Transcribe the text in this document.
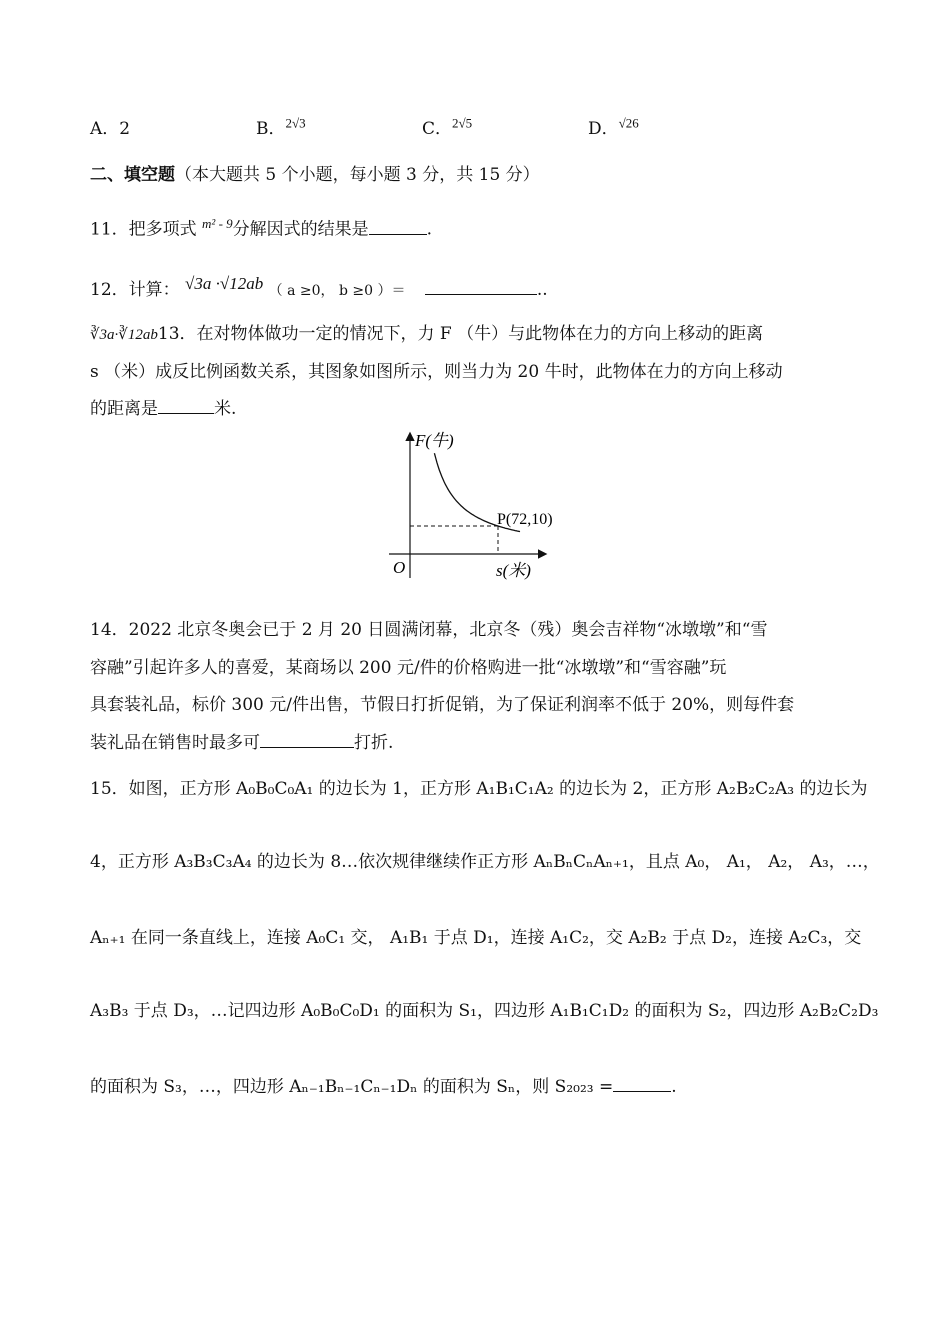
A．2	B．$^{2√3}$	C．$^{2√5}$	D．$^{√26}$
二、填空题（本大题共 5 个小题，每小题 3 分，共 15 分）
11．把多项式 $^{m^2 - 9}$分解因式的结果是	.
12．计算： √3a ·√12ab （ a ≥0， b ≥0 ）＝	..
∛3a·∛12ab13．在对物体做功一定的情况下，力 F （牛）与此物体在力的方向上移动的距离
s （米）成反比例函数关系，其图象如图所示，则当力为 20 牛时，此物体在力的方向上移动
的距离是	米.
F(牛)
s(米)
O
P(72,10)
14．2022 北京冬奥会已于 2 月 20 日圆满闭幕，北京冬（残）奥会吉祥物“冰墩墩”和“雪
容融”引起许多人的喜爱，某商场以 200 元/件的价格购进一批“冰墩墩”和“雪容融”玩
具套装礼品，标价 300 元/件出售，节假日打折促销，为了保证利润率不低于 20%，则每件套
装礼品在销售时最多可	打折.
15．如图，正方形 A₀B₀C₀A₁ 的边长为 1，正方形 A₁B₁C₁A₂ 的边长为 2，正方形 A₂B₂C₂A₃ 的边长为
4，正方形 A₃B₃C₃A₄ 的边长为 8…依次规律继续作正方形 AₙBₙCₙAₙ₊₁，且点 A₀， A₁， A₂， A₃，…，
Aₙ₊₁ 在同一条直线上，连接 A₀C₁ 交， A₁B₁ 于点 D₁，连接 A₁C₂，交 A₂B₂ 于点 D₂，连接 A₂C₃，交
A₃B₃ 于点 D₃，…记四边形 A₀B₀C₀D₁ 的面积为 S₁，四边形 A₁B₁C₁D₂ 的面积为 S₂，四边形 A₂B₂C₂D₃
的面积为 S₃，…，四边形 Aₙ₋₁Bₙ₋₁Cₙ₋₁Dₙ 的面积为 Sₙ，则 S₂₀₂₃ =	.
